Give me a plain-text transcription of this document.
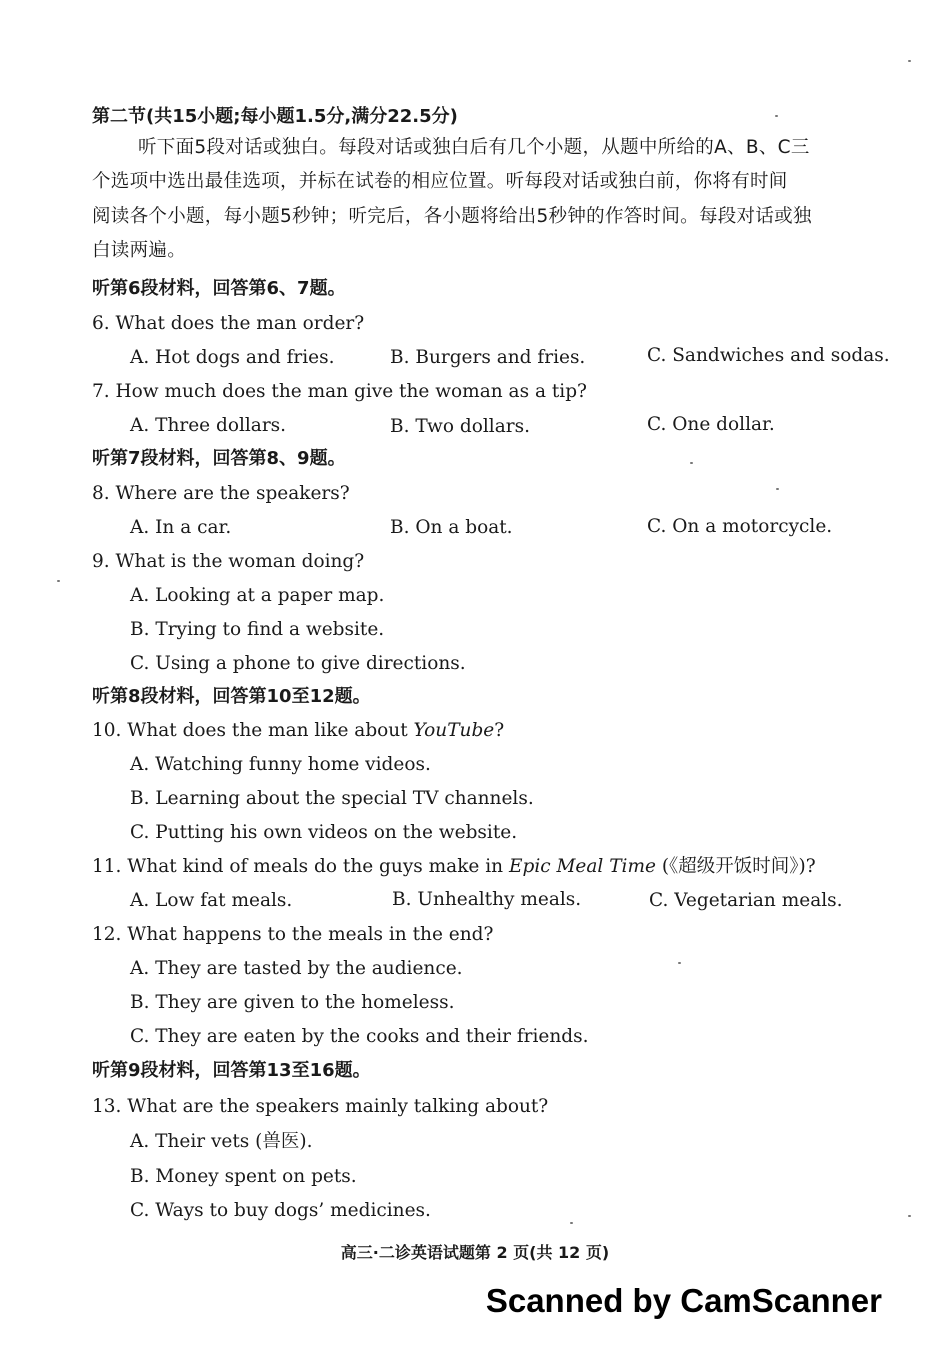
第二节(共15小题;每小题1.5分,满分22.5分)
听下面5段对话或独白。每段对话或独白后有几个小题，从题中所给的A、B、C三
个选项中选出最佳选项，并标在试卷的相应位置。听每段对话或独白前，你将有时间
阅读各个小题，每小题5秒钟；听完后，各小题将给出5秒钟的作答时间。每段对话或独
白读两遍。
听第6段材料，回答第6、7题。
6. What does the man order?
A. Hot dogs and fries.	B. Burgers and fries.	C. Sandwiches and sodas.
7. How much does the man give the woman as a tip?
A. Three dollars.	B. Two dollars.	C. One dollar.
听第7段材料，回答第8、9题。
8. Where are the speakers?
A. In a car.	B. On a boat.	C. On a motorcycle.
9. What is the woman doing?
A. Looking at a paper map.
B. Trying to find a website.
C. Using a phone to give directions.
听第8段材料，回答第10至12题。
10. What does the man like about YouTube?
A. Watching funny home videos.
B. Learning about the special TV channels.
C. Putting his own videos on the website.
11. What kind of meals do the guys make in Epic Meal Time (《超级开饭时间》)?
A. Low fat meals.	B. Unhealthy meals.	C. Vegetarian meals.
12. What happens to the meals in the end?
A. They are tasted by the audience.
B. They are given to the homeless.
C. They are eaten by the cooks and their friends.
听第9段材料，回答第13至16题。
13. What are the speakers mainly talking about?
A. Their vets (兽医).
B. Money spent on pets.
C. Ways to buy dogs’ medicines.
高三·二诊英语试题第 2 页(共 12 页)
Scanned by CamScanner
